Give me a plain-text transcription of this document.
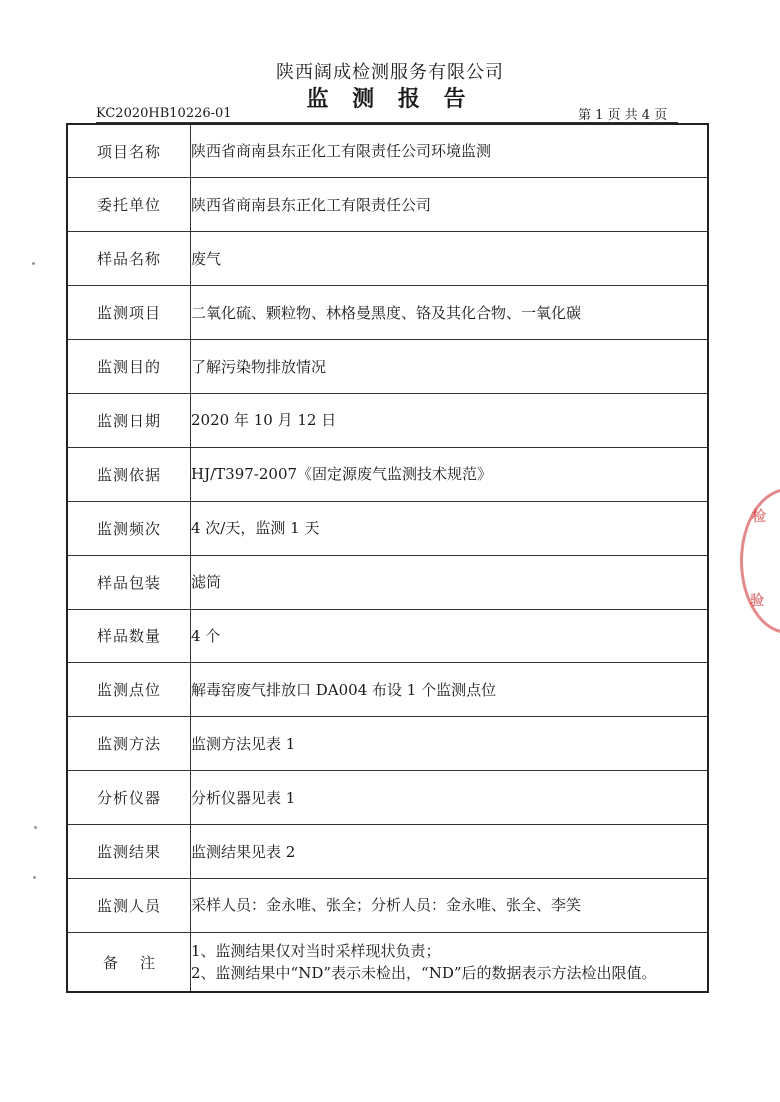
陕西阔成检测服务有限公司
监 测 报 告
KC2020HB10226-01	第 1 页 共 4 页
项目名称	陕西省商南县东正化工有限责任公司环境监测
委托单位	陕西省商南县东正化工有限责任公司
样品名称	废气
监测项目	二氧化硫、颗粒物、林格曼黑度、铬及其化合物、一氧化碳
监测目的	了解污染物排放情况
监测日期	2020 年 10 月 12 日
监测依据	HJ/T397-2007《固定源废气监测技术规范》
监测频次	4 次/天，监测 1 天
样品包装	滤筒
样品数量	4 个
监测点位	解毒窑废气排放口 DA004 布设 1 个监测点位
监测方法	监测方法见表 1
分析仪器	分析仪器见表 1
监测结果	监测结果见表 2
监测人员	采样人员：金永唯、张全；分析人员：金永唯、张全、李笑
备注	1、监测结果仅对当时采样现状负责；
2、监测结果中“ND”表示未检出，“ND”后的数据表示方法检出限值。
检
验
